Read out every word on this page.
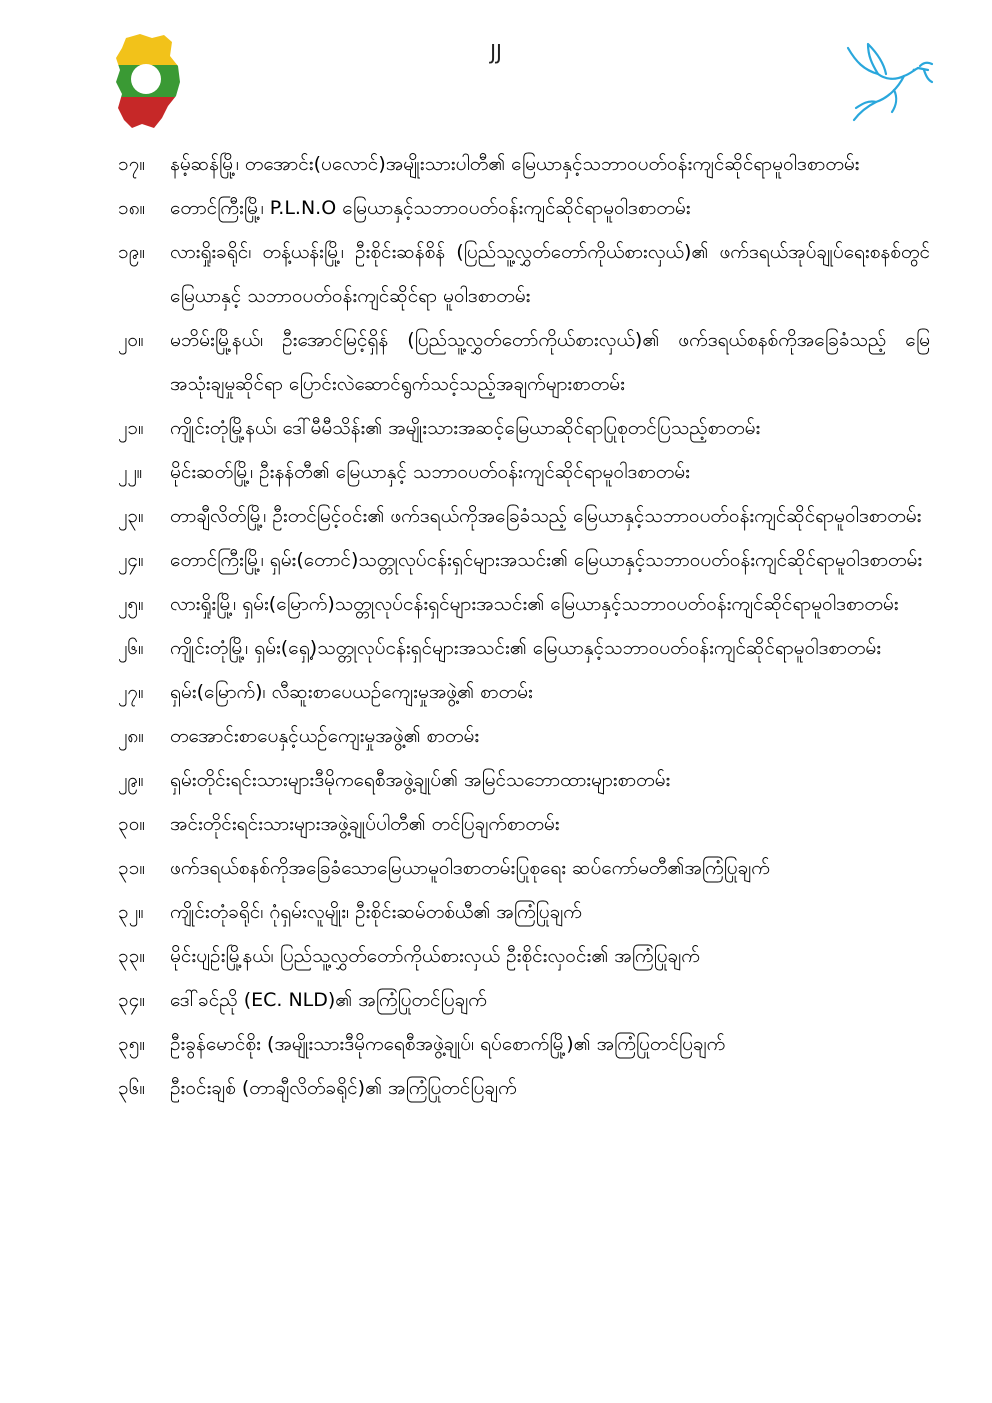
JJ
၁၇။	နမ့်ဆန်မြို့၊ တအောင်း(ပလောင်)အမျိုးသားပါတီ၏ မြေယာနှင့်သဘာဝပတ်ဝန်းကျင်ဆိုင်ရာမူဝါဒစာတမ်း
၁၈။	တောင်ကြီးမြို့၊ P.L.N.O မြေယာနှင့်သဘာဝပတ်ဝန်းကျင်ဆိုင်ရာမူဝါဒစာတမ်း
၁၉။	လားရှိုးခရိုင်၊ တန့်ယန်းမြို့၊ ဦးစိုင်းဆန်စိန် (ပြည်သူ့လွှတ်တော်ကိုယ်စားလှယ်)၏ ဖက်ဒရယ်အုပ်ချုပ်ရေးစနစ်တွင် မြေယာနှင့် သဘာဝပတ်ဝန်းကျင်ဆိုင်ရာ မူဝါဒစာတမ်း
၂၀။	မဘိမ်းမြို့နယ်၊ ဦးအောင်မြင့်ရှိန် (ပြည်သူ့လွှတ်တော်ကိုယ်စားလှယ်)၏ ဖက်ဒရယ်စနစ်ကိုအခြေခံသည့် မြေအသုံးချမှုဆိုင်ရာ ပြောင်းလဲဆောင်ရွက်သင့်သည့်အချက်များစာတမ်း
၂၁။	ကျိုင်းတုံမြို့နယ်၊ ဒေါ်မီမီသိန်း၏ အမျိုးသားအဆင့်မြေယာဆိုင်ရာပြုစုတင်ပြသည့်စာတမ်း
၂၂။	မိုင်းဆတ်မြို့၊ ဦးနန်တီ၏ မြေယာနှင့် သဘာဝပတ်ဝန်းကျင်ဆိုင်ရာမူဝါဒစာတမ်း
၂၃။	တာချီလိတ်မြို့၊ ဦးတင်မြင့်ဝင်း၏ ဖက်ဒရယ်ကိုအခြေခံသည့် မြေယာနှင့်သဘာဝပတ်ဝန်းကျင်ဆိုင်ရာမူဝါဒစာတမ်း
၂၄။	တောင်ကြီးမြို့၊ ရှမ်း(တောင်)သတ္တုလုပ်ငန်းရှင်များအသင်း၏ မြေယာနှင့်သဘာဝပတ်ဝန်းကျင်ဆိုင်ရာမူဝါဒစာတမ်း
၂၅။	လားရှိုးမြို့၊ ရှမ်း(မြောက်)သတ္တုလုပ်ငန်းရှင်များအသင်း၏ မြေယာနှင့်သဘာဝပတ်ဝန်းကျင်ဆိုင်ရာမူဝါဒစာတမ်း
၂၆။	ကျိုင်းတုံမြို့၊ ရှမ်း(ရှေ့)သတ္တုလုပ်ငန်းရှင်များအသင်း၏ မြေယာနှင့်သဘာဝပတ်ဝန်းကျင်ဆိုင်ရာမူဝါဒစာတမ်း
၂၇။	ရှမ်း(မြောက်)၊ လီဆူးစာပေယဉ်ကျေးမှုအဖွဲ့၏ စာတမ်း
၂၈။	တအောင်းစာပေနှင့်ယဉ်ကျေးမှုအဖွဲ့၏ စာတမ်း
၂၉။	ရှမ်းတိုင်းရင်းသားများဒီမိုကရေစီအဖွဲ့ချုပ်၏ အမြင်သဘောထားများစာတမ်း
၃၀။	အင်းတိုင်းရင်းသားများအဖွဲ့ချုပ်ပါတီ၏ တင်ပြချက်စာတမ်း
၃၁။	ဖက်ဒရယ်စနစ်ကိုအခြေခံသောမြေယာမူဝါဒစာတမ်းပြုစုရေး ဆပ်ကော်မတီ၏အကြံပြုချက်
၃၂။	ကျိုင်းတုံခရိုင်၊ ဂုံရှမ်းလူမျိုး၊ ဦးစိုင်းဆမ်တစ်ယီ၏ အကြံပြုချက်
၃၃။	မိုင်းပျဉ်းမြို့နယ်၊ ပြည်သူ့လွှတ်တော်ကိုယ်စားလှယ် ဦးစိုင်းလှဝင်း၏ အကြံပြုချက်
၃၄။	ဒေါ်ခင်ညို (EC. NLD)၏ အကြံပြုတင်ပြချက်
၃၅။	ဦးခွန်မောင်စိုး (အမျိုးသားဒီမိုကရေစီအဖွဲ့ချုပ်၊ ရပ်စောက်မြို့)၏ အကြံပြုတင်ပြချက်
၃၆။	ဦးဝင်းချစ် (တာချီလိတ်ခရိုင်)၏ အကြံပြုတင်ပြချက်
